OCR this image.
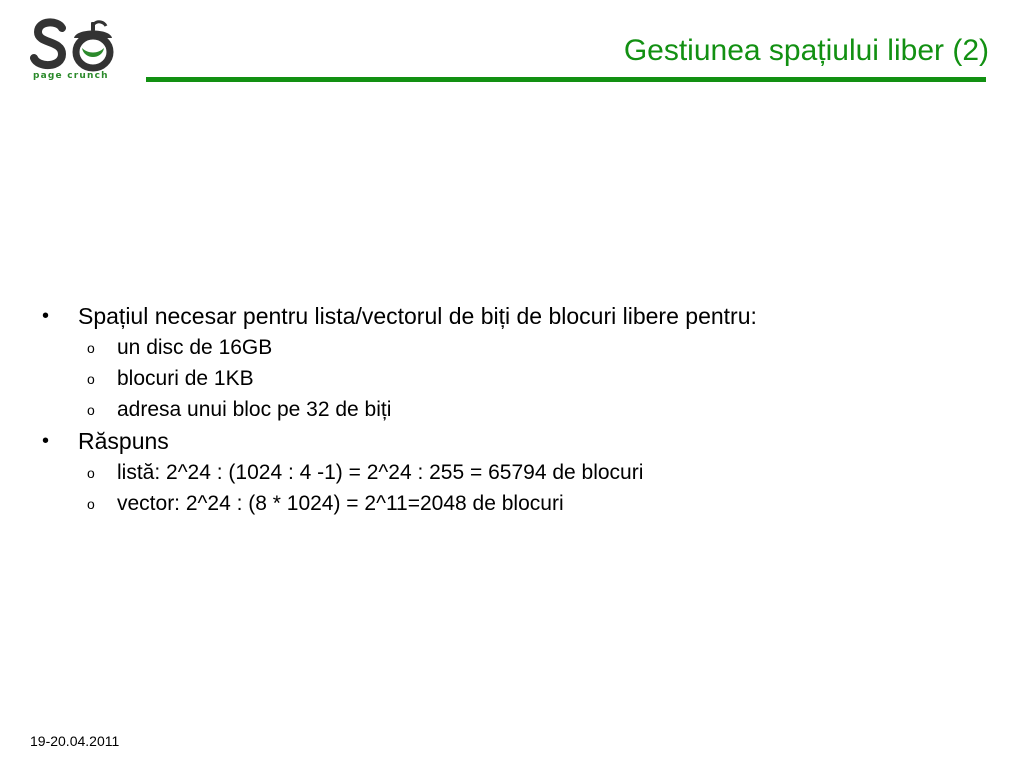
page crunch
Gestiunea spațiului liber (2)
• Spațiul necesar pentru lista/vectorul de biți de blocuri libere pentru:
o un disc de 16GB
o blocuri de 1KB
o adresa unui bloc pe 32 de biți
• Răspuns
o listă: 2^24 : (1024 : 4 -1) = 2^24 : 255 = 65794 de blocuri
o vector: 2^24 : (8 * 1024) = 2^11=2048 de blocuri
19-20.04.2011
